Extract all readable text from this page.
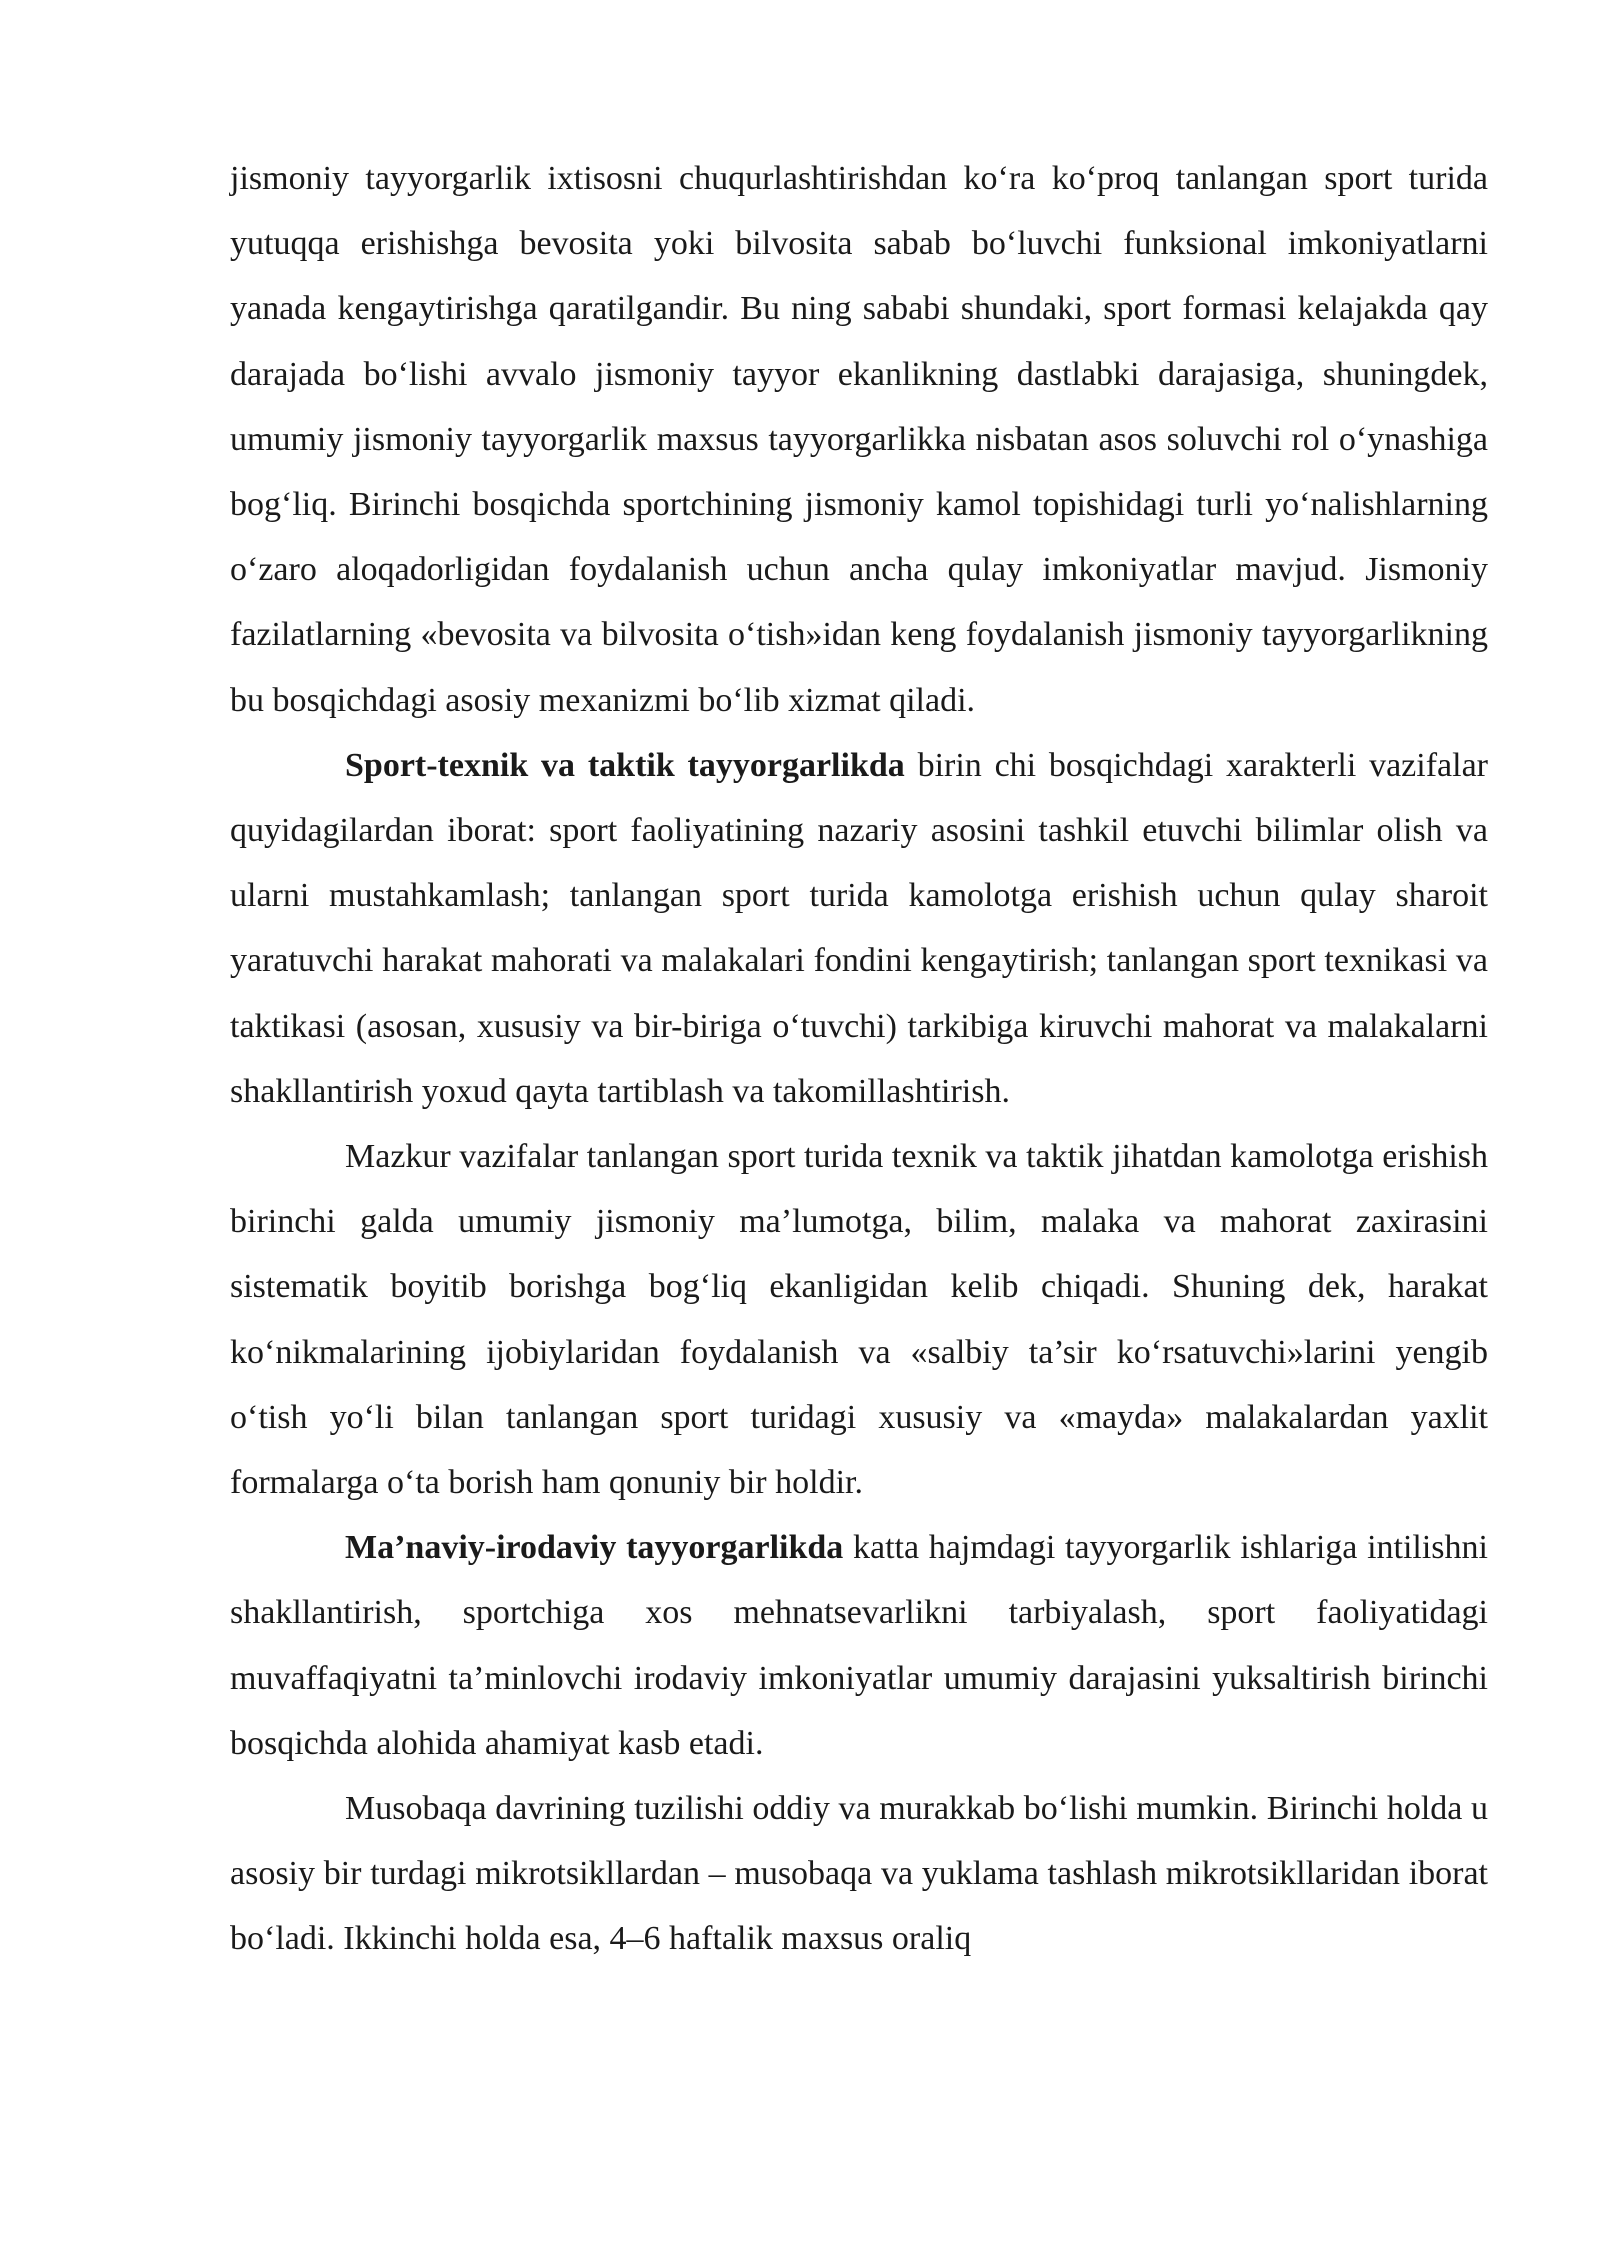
jismoniy tayyorgarlik ixtisosni chuqurlashtirishdan ko‘ra ko‘proq tanlangan sport turida yutuqqa erishishga bevosita yoki bilvosita sabab bo‘luvchi funksional imkoniyatlarni yanada kengaytirishga qaratilgandir. Bu ning sababi shundaki, sport formasi kelajakda qay darajada bo‘lishi avvalo jismoniy tayyor ekanlikning dastlabki darajasiga, shuningdek, umumiy jismoniy tayyorgarlik maxsus tayyorgarlikka nisbatan asos soluvchi rol o‘ynashiga bog‘liq. Birinchi bosqichda sportchining jismoniy kamol topishidagi turli yo‘nalishlarning o‘zaro aloqadorligidan foydalanish uchun ancha qulay imkoniyatlar mavjud. Jismoniy fazilatlarning «bevosita va bilvosita o‘tish»idan keng foydalanish jismoniy tayyorgarlikning bu bosqichdagi asosiy mexanizmi bo‘lib xizmat qiladi.

Sport-texnik va taktik tayyorgarlikda birin chi bosqichdagi xarakterli vazifalar quyidagilardan iborat: sport faoliyatining nazariy asosini tashkil etuvchi bilimlar olish va ularni mustahkamlash; tanlangan sport turida kamolotga erishish uchun qulay sharoit yaratuvchi harakat mahorati va malakalari fondini kengaytirish; tanlangan sport texnikasi va taktikasi (asosan, xususiy va bir-biriga o‘tuvchi) tarkibiga kiruvchi mahorat va malakalarni shakllantirish yoxud qayta tartiblash va takomillashtirish.

Mazkur vazifalar tanlangan sport turida texnik va taktik jihatdan kamolotga erishish birinchi galda umumiy jismoniy ma’lumotga, bilim, malaka va mahorat zaxirasini sistematik boyitib borishga bog‘liq ekanligidan kelib chiqadi. Shuning dek, harakat ko‘nikmalarining ijobiylaridan foydalanish va «salbiy ta’sir ko‘rsatuvchi»larini yengib o‘tish yo‘li bilan tanlangan sport turidagi xususiy va «mayda» malakalardan yaxlit formalarga o‘ta borish ham qonuniy bir holdir.

Ma’naviy-irodaviy tayyorgarlikda katta hajmdagi tayyorgarlik ishlariga intilishni shakllantirish, sportchiga xos mehnatsevarlikni tarbiyalash, sport faoliyatidagi muvaffaqiyatni ta’minlovchi irodaviy imkoniyatlar umumiy darajasini yuksaltirish birinchi bosqichda alohida ahamiyat kasb etadi.

Musobaqa davrining tuzilishi oddiy va murakkab bo‘lishi mumkin. Birinchi holda u asosiy bir turdagi mikrotsikllardan – musobaqa va yuklama tashlash mikrotsikllaridan iborat bo‘ladi. Ikkinchi holda esa, 4–6 haftalik maxsus oraliq
